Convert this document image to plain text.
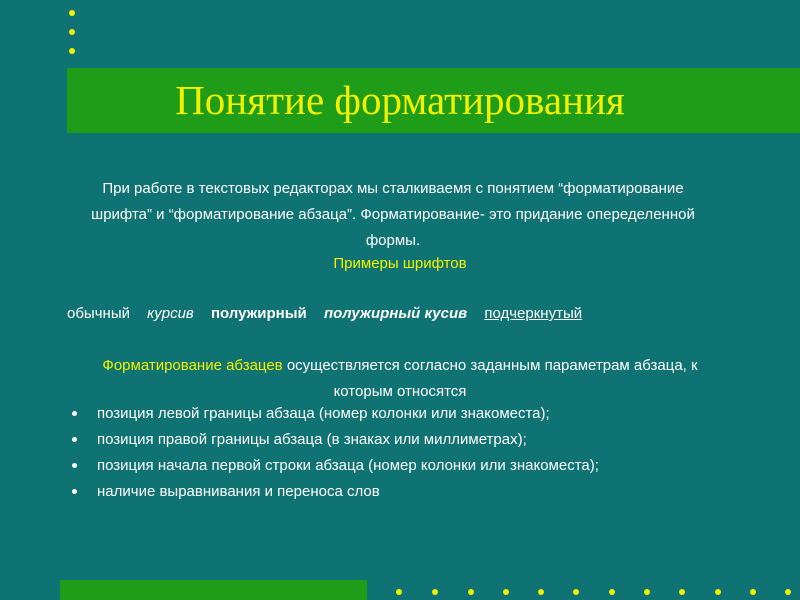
Понятие форматирования
При работе в текстовых редакторах мы сталкиваемя с понятием “форматирование шрифта” и “форматирование абзаца”. Форматирование- это придание опеределенной формы.
Примеры шрифтов
обычный курсив полужирный полужирный кусив подчеркнутый
Форматирование абзацев осуществляется согласно заданным параметрам абзаца, к которым относятся
позиция левой границы абзаца (номер колонки или знакоместа);
позиция правой границы абзаца (в знаках или миллиметрах);
позиция начала первой строки абзаца (номер колонки или знакоместа);
наличие выравнивания и переноса слов
